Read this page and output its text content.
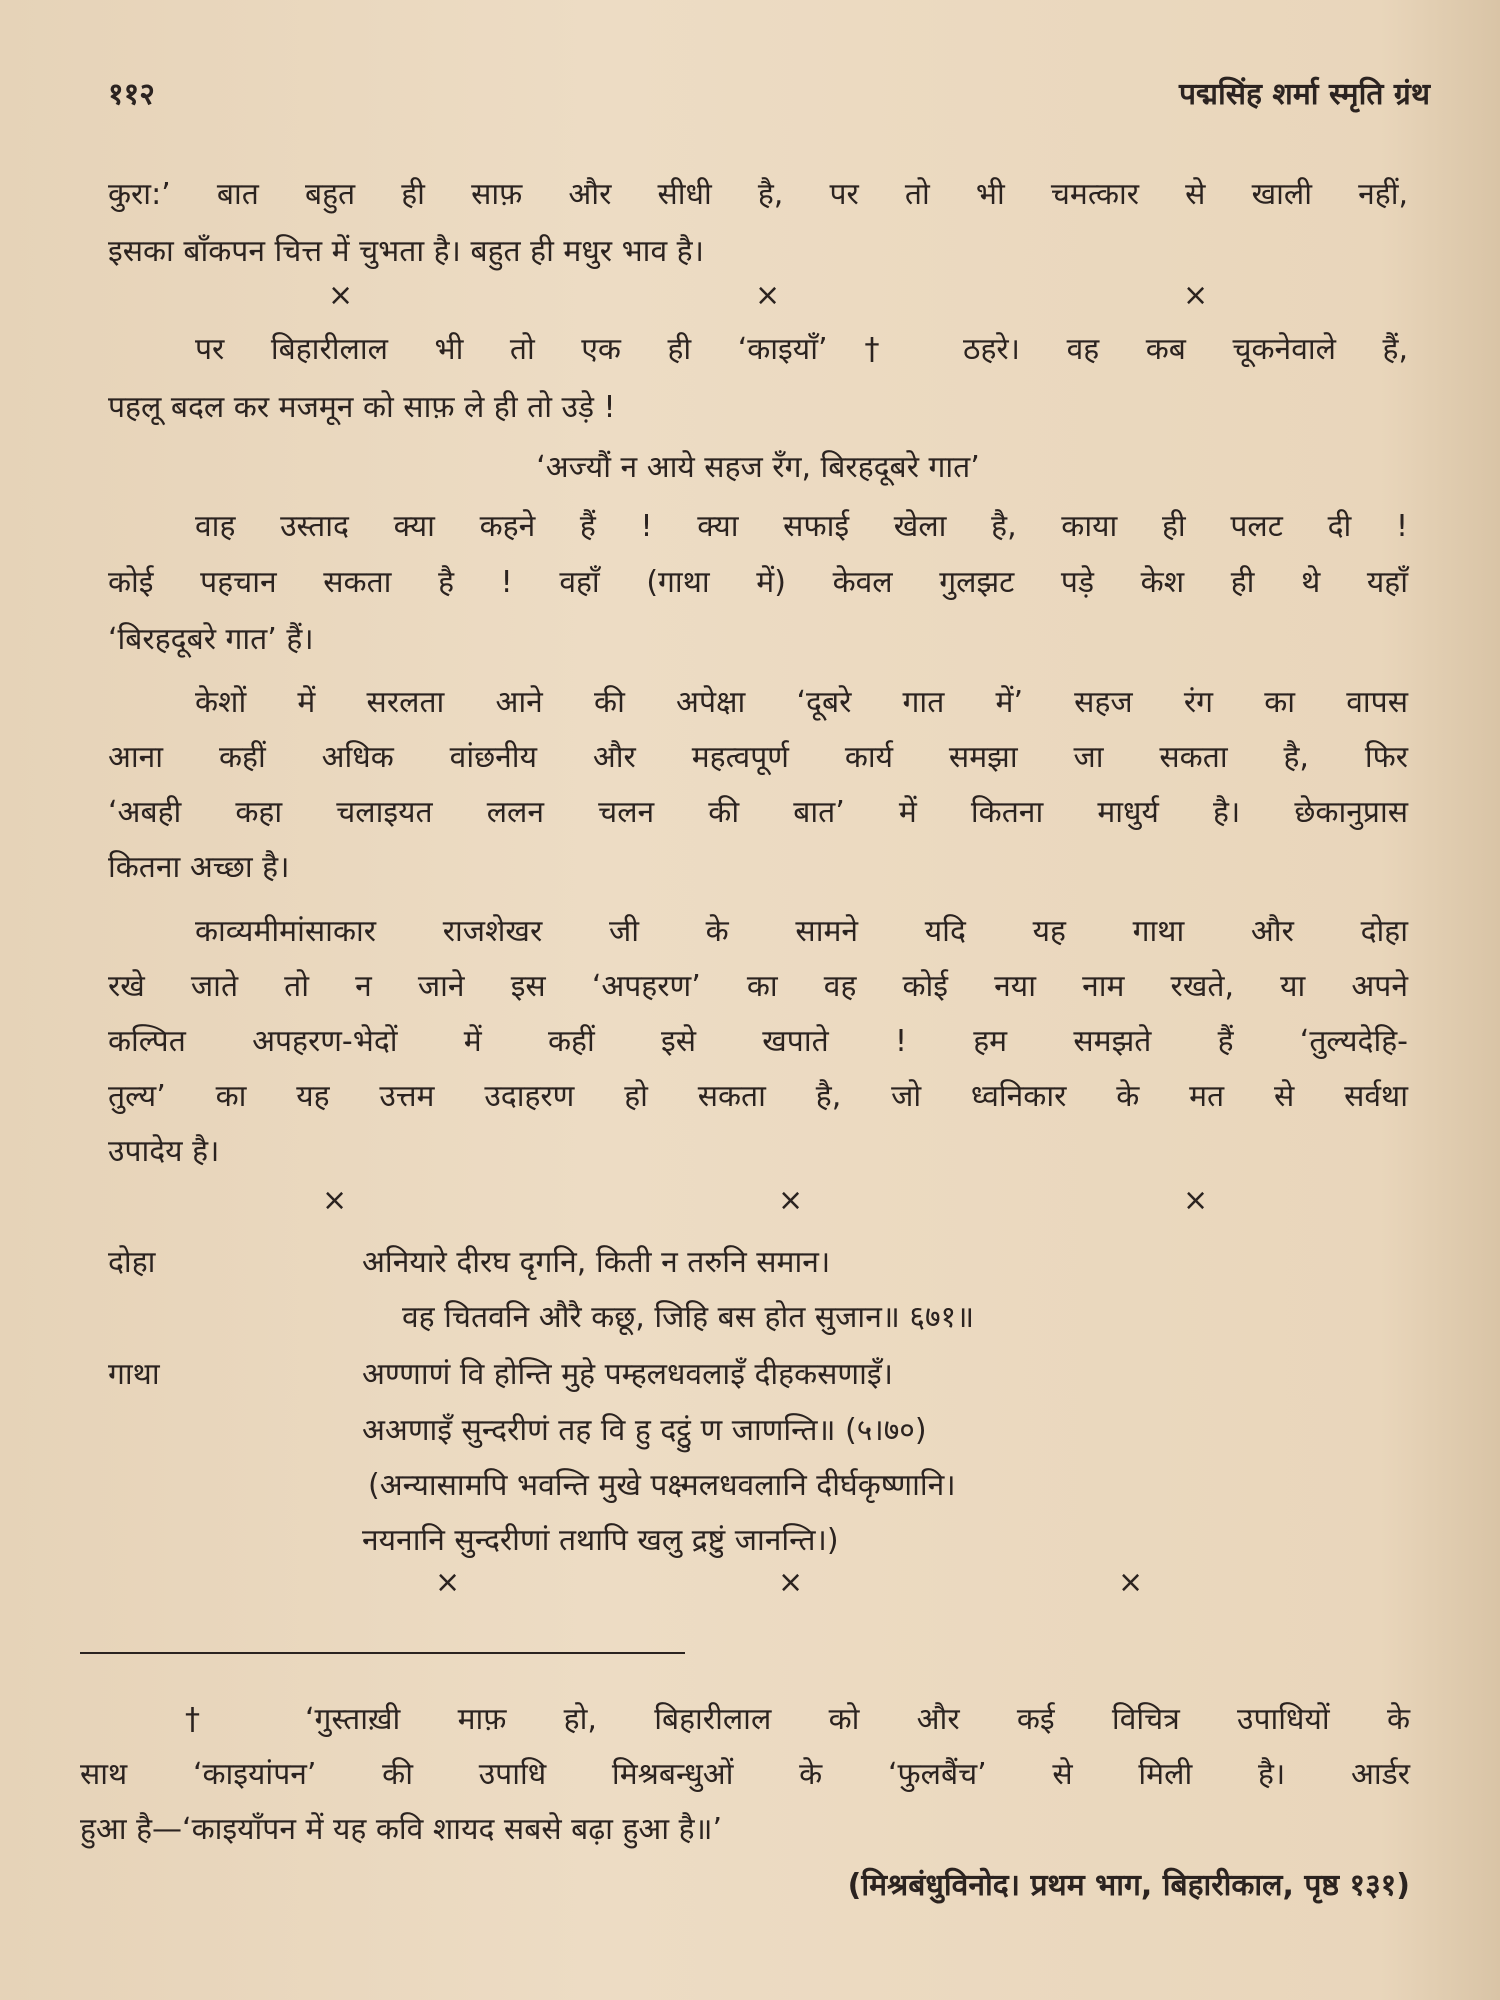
११२	पद्मसिंह शर्मा स्मृति ग्रंथ
कुरा:’ बात बहुत ही साफ़ और सीधी है, पर तो भी चमत्कार से खाली नहीं,
इसका बाँकपन चित्त में चुभता है। बहुत ही मधुर भाव है।
×	×	×
पर बिहारीलाल भी तो एक ही ‘काइयाँ’† ठहरे। वह कब चूकनेवाले हैं,
पहलू बदल कर मजमून को साफ़ ले ही तो उड़े !
‘अज्यौं न आये सहज रँग, बिरहदूबरे गात’
वाह उस्ताद क्या कहने हैं ! क्या सफाई खेला है, काया ही पलट दी !
कोई पहचान सकता है ! वहाँ (गाथा में) केवल गुलझट पड़े केश ही थे यहाँ
‘बिरहदूबरे गात’ हैं।
केशों में सरलता आने की अपेक्षा ‘दूबरे गात में’ सहज रंग का वापस
आना कहीं अधिक वांछनीय और महत्वपूर्ण कार्य समझा जा सकता है, फिर
‘अबही कहा चलाइयत ललन चलन की बात’ में कितना माधुर्य है। छेकानुप्रास
कितना अच्छा है।
काव्यमीमांसाकार राजशेखर जी के सामने यदि यह गाथा और दोहा
रखे जाते तो न जाने इस ‘अपहरण’ का वह कोई नया नाम रखते, या अपने
कल्पित अपहरण-भेदों में कहीं इसे खपाते ! हम समझते हैं ‘तुल्यदेहि-
तुल्य’ का यह उत्तम उदाहरण हो सकता है, जो ध्वनिकार के मत से सर्वथा
उपादेय है।
×	×	×
दोहा	अनियारे दीरघ दृगनि, किती न तरुनि समान।
वह चितवनि औरै कछू, जिहि बस होत सुजान॥ ६७१॥
गाथा	अण्णाणं वि होन्ति मुहे पम्हलधवलाइँ दीहकसणाइँ।
अअणाइँ सुन्दरीणं तह वि हु दट्ठुं ण जाणन्ति॥ (५।७०)
(अन्यासामपि भवन्ति मुखे पक्ष्मलधवलानि दीर्घकृष्णानि।
नयनानि सुन्दरीणां तथापि खलु द्रष्टुं जानन्ति।)
×	×	×
† ‘गुस्ताख़ी माफ़ हो, बिहारीलाल को और कई विचित्र उपाधियों के
साथ ‘काइयांपन’ की उपाधि मिश्रबन्धुओं के ‘फुलबैंच’ से मिली है। आर्डर
हुआ है—‘काइयाँपन में यह कवि शायद सबसे बढ़ा हुआ है॥’
(मिश्रबंधुविनोद। प्रथम भाग, बिहारीकाल, पृष्ठ १३१)
